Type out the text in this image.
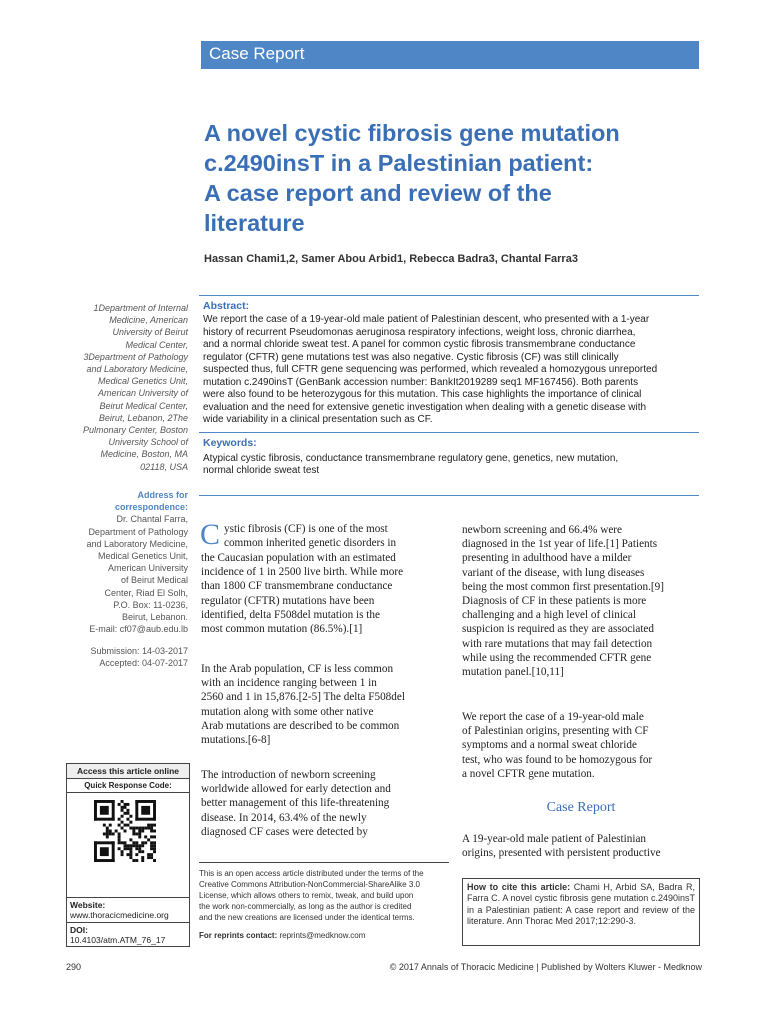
Case Report
A novel cystic fibrosis gene mutation
c.2490insT in a Palestinian patient:
A case report and review of the
literature
Hassan Chami1,2, Samer Abou Arbid1, Rebecca Badra3, Chantal Farra3
1Department of Internal
Medicine, American
University of Beirut
Medical Center,
3Department of Pathology
and Laboratory Medicine,
Medical Genetics Unit,
American University of
Beirut Medical Center,
Beirut, Lebanon, 2The
Pulmonary Center, Boston
University School of
Medicine, Boston, MA
02118, USA
Address for
correspondence:
Dr. Chantal Farra,
Department of Pathology
and Laboratory Medicine,
Medical Genetics Unit,
American University
of Beirut Medical
Center, Riad El Solh,
P.O. Box: 11-0236,
Beirut, Lebanon.
E-mail: cf07@aub.edu.lb
Submission: 14-03-2017
Accepted: 04-07-2017
Abstract:
We report the case of a 19-year-old male patient of Palestinian descent, who presented with a 1-year
history of recurrent Pseudomonas aeruginosa respiratory infections, weight loss, chronic diarrhea,
and a normal chloride sweat test. A panel for common cystic fibrosis transmembrane conductance
regulator (CFTR) gene mutations test was also negative. Cystic fibrosis (CF) was still clinically
suspected thus, full CFTR gene sequencing was performed, which revealed a homozygous unreported
mutation c.2490insT (GenBank accession number: BankIt2019289 seq1 MF167456). Both parents
were also found to be heterozygous for this mutation. This case highlights the importance of clinical
evaluation and the need for extensive genetic investigation when dealing with a genetic disease with
wide variability in a clinical presentation such as CF.
Keywords:
Atypical cystic fibrosis, conductance transmembrane regulatory gene, genetics, new mutation,
normal chloride sweat test
C ystic fibrosis (CF) is one of the most
common inherited genetic disorders in
the Caucasian population with an estimated
incidence of 1 in 2500 live birth. While more
than 1800 CF transmembrane conductance
regulator (CFTR) mutations have been
identified, delta F508del mutation is the
most common mutation (86.5%).[1]
In the Arab population, CF is less common
with an incidence ranging between 1 in
2560 and 1 in 15,876.[2-5] The delta F508del
mutation along with some other native
Arab mutations are described to be common
mutations.[6-8]
The introduction of newborn screening
worldwide allowed for early detection and
better management of this life-threatening
disease. In 2014, 63.4% of the newly
diagnosed CF cases were detected by
newborn screening and 66.4% were
diagnosed in the 1st year of life.[1] Patients
presenting in adulthood have a milder
variant of the disease, with lung diseases
being the most common first presentation.[9]
Diagnosis of CF in these patients is more
challenging and a high level of clinical
suspicion is required as they are associated
with rare mutations that may fail detection
while using the recommended CFTR gene
mutation panel.[10,11]
We report the case of a 19-year-old male
of Palestinian origins, presenting with CF
symptoms and a normal sweat chloride
test, who was found to be homozygous for
a novel CFTR gene mutation.
Case Report
A 19-year-old male patient of Palestinian
origins, presented with persistent productive
Access this article online
Quick Response Code:
Website:
www.thoracicmedicine.org
DOI:
10.4103/atm.ATM_76_17
This is an open access article distributed under the terms of the
Creative Commons Attribution-NonCommercial-ShareAlike 3.0
License, which allows others to remix, tweak, and build upon
the work non-commercially, as long as the author is credited
and the new creations are licensed under the identical terms.
For reprints contact: reprints@medknow.com
How to cite this article: Chami H, Arbid SA, Badra R, Farra C. A novel cystic fibrosis gene mutation c.2490insT in a Palestinian patient: A case report and review of the literature. Ann Thorac Med 2017;12:290-3.
290	© 2017 Annals of Thoracic Medicine | Published by Wolters Kluwer - Medknow
